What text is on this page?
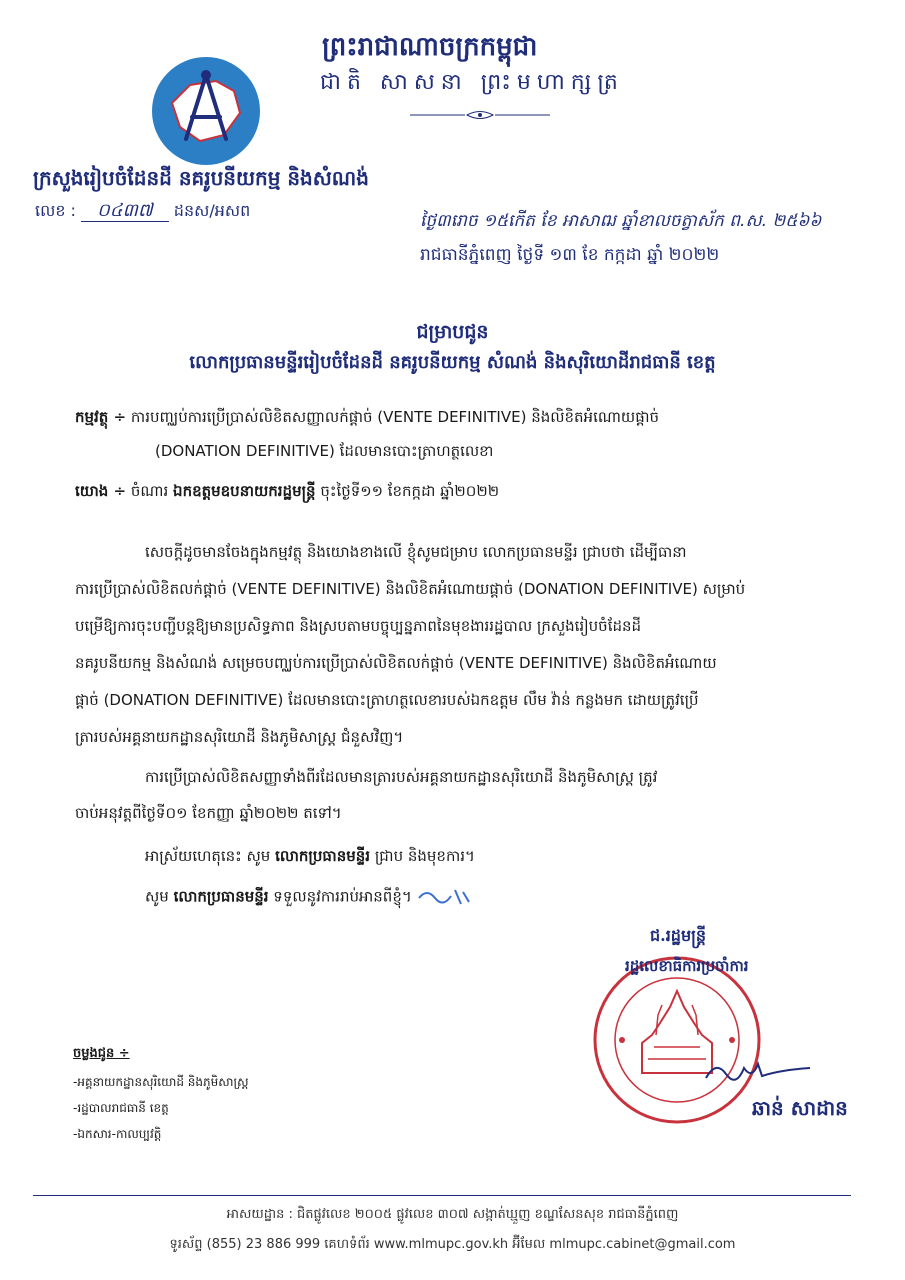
ព្រះរាជាណាចក្រកម្ពុជា
ជាតិ សាសនា ព្រះមហាក្សត្រ
ក្រសួងរៀបចំដែនដី នគរូបនីយកម្ម និងសំណង់
លេខ : ០៤៣៧ ដនស/អសព
ថ្ងៃ៣រោច ១៥កើត ខែ អាសាឍ ឆ្នាំខាលចត្វាស័ក ព.ស. ២៥៦៦
រាជធានីភ្នំពេញ ថ្ងៃទី ១៣ ខែ កក្កដា ឆ្នាំ ២០២២
ជម្រាបជូន
លោកប្រធានមន្ទីររៀបចំដែនដី នគរូបនីយកម្ម សំណង់ និងសុរិយោដីរាជធានី ខេត្ត
កម្មវត្ថុ ÷ ការបញ្ឈប់ការប្រើប្រាស់លិខិតសញ្ញាលក់ផ្តាច់ (VENTE DEFINITIVE) និងលិខិតអំណោយផ្តាច់
(DONATION DEFINITIVE) ដែលមានបោះត្រាហត្ថលេខា
យោង ÷ ចំណារ ឯកឧត្តមឧបនាយករដ្ឋមន្ត្រី ចុះថ្ងៃទី១១ ខែកក្កដា ឆ្នាំ២០២២
សេចក្តីដូចមានចែងក្នុងកម្មវត្ថុ និងយោងខាងលើ ខ្ញុំសូមជម្រាប លោកប្រធានមន្ទីរ ជ្រាបថា ដើម្បីធានា
ការប្រើប្រាស់លិខិតលក់ផ្តាច់ (VENTE DEFINITIVE) និងលិខិតអំណោយផ្តាច់ (DONATION DEFINITIVE) សម្រាប់
បម្រើឱ្យការចុះបញ្ជីបន្តឱ្យមានប្រសិទ្ធភាព និងស្របតាមបច្ចុប្បន្នភាពនៃមុខងាររដ្ឋបាល ក្រសួងរៀបចំដែនដី
នគរូបនីយកម្ម និងសំណង់ សម្រេចបញ្ឈប់ការប្រើប្រាស់លិខិតលក់ផ្តាច់ (VENTE DEFINITIVE) និងលិខិតអំណោយ
ផ្តាច់ (DONATION DEFINITIVE) ដែលមានបោះត្រាហត្ថលេខារបស់ឯកឧត្តម លឹម វ៉ាន់ កន្លងមក ដោយត្រូវប្រើ
ត្រារបស់អគ្គនាយកដ្ឋានសុរិយោដី និងភូមិសាស្ត្រ ជំនួសវិញ។
ការប្រើប្រាស់លិខិតសញ្ញាទាំងពីរដែលមានត្រារបស់អគ្គនាយកដ្ឋានសុរិយោដី និងភូមិសាស្ត្រ ត្រូវ
ចាប់អនុវត្តពីថ្ងៃទី០១ ខែកញ្ញា ឆ្នាំ២០២២ តទៅ។
អាស្រ័យហេតុនេះ សូម លោកប្រធានមន្ទីរ ជ្រាប និងមុខការ។
សូម លោកប្រធានមន្ទីរ ទទួលនូវការរាប់អានពីខ្ញុំ។
ជ.រដ្ឋមន្ត្រី
រដ្ឋលេខាធិការប្រចាំការ
ឆាន់ សាដាន
ចម្លងជូន ÷
-អគ្គនាយកដ្ឋានសុរិយោដី និងភូមិសាស្ត្រ
-រដ្ឋបាលរាជធានី ខេត្ត
-ឯកសារ-កាលប្បវត្តិ
អាសយដ្ឋាន : ជិតផ្លូវលេខ ២០០៥ ផ្លូវលេខ ៣០៧ សង្កាត់ឃ្មួញ ខណ្ឌសែនសុខ រាជធានីភ្នំពេញ
ទូរស័ព្ទ (855) 23 886 999 គេហទំព័រ www.mlmupc.gov.kh អ៊ីមែល mlmupc.cabinet@gmail.com
